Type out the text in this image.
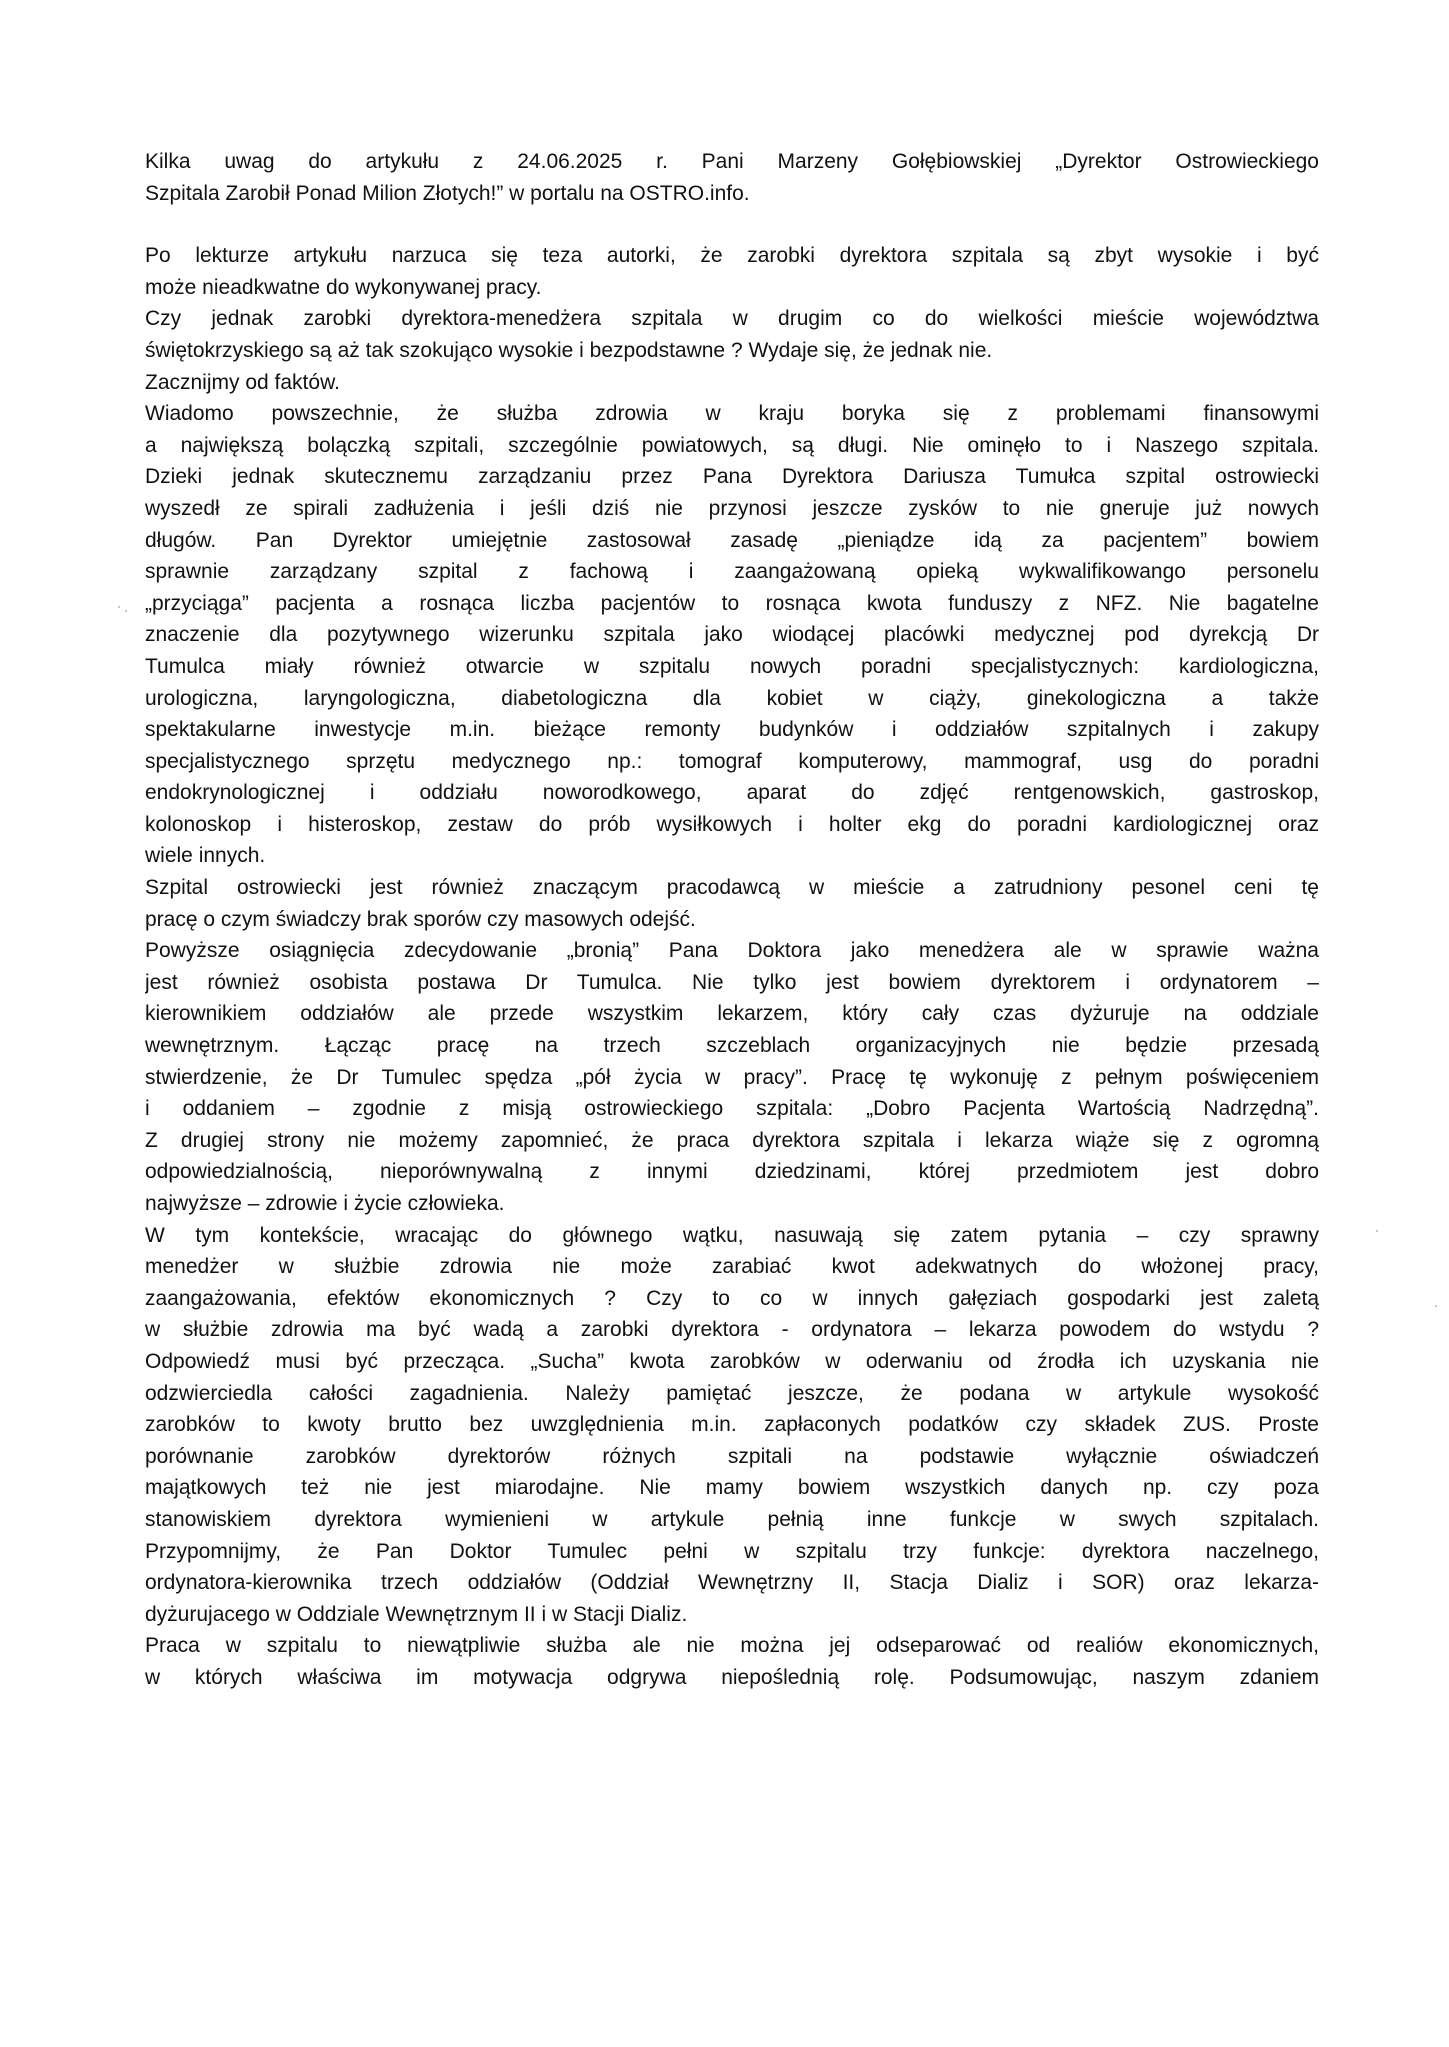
Kilka uwag do artykułu z 24.06.2025 r. Pani Marzeny Gołębiowskiej „Dyrektor Ostrowieckiego
Szpitala Zarobił Ponad Milion Złotych!” w portalu na OSTRO.info.
Po lekturze artykułu narzuca się teza autorki, że zarobki dyrektora szpitala są zbyt wysokie i być
może nieadkwatne do wykonywanej pracy.
Czy jednak zarobki dyrektora-menedżera szpitala w drugim co do wielkości mieście województwa
świętokrzyskiego są aż tak szokująco wysokie i bezpodstawne ? Wydaje się, że jednak nie.
Zacznijmy od faktów.
Wiadomo powszechnie, że służba zdrowia w kraju boryka się z problemami finansowymi
a największą bolączką szpitali, szczególnie powiatowych, są długi. Nie ominęło to i Naszego szpitala.
Dzieki jednak skutecznemu zarządzaniu przez Pana Dyrektora Dariusza Tumułca szpital ostrowiecki
wyszedł ze spirali zadłużenia i jeśli dziś nie przynosi jeszcze zysków to nie gneruje już nowych
długów. Pan Dyrektor umiejętnie zastosował zasadę „pieniądze idą za pacjentem” bowiem
sprawnie zarządzany szpital z fachową i zaangażowaną opieką wykwalifikowango personelu
„przyciąga” pacjenta a rosnąca liczba pacjentów to rosnąca kwota funduszy z NFZ. Nie bagatelne
znaczenie dla pozytywnego wizerunku szpitala jako wiodącej placówki medycznej pod dyrekcją Dr
Tumulca miały również otwarcie w szpitalu nowych poradni specjalistycznych: kardiologiczna,
urologiczna, laryngologiczna, diabetologiczna dla kobiet w ciąży, ginekologiczna a także
spektakularne inwestycje m.in. bieżące remonty budynków i oddziałów szpitalnych i zakupy
specjalistycznego sprzętu medycznego np.: tomograf komputerowy, mammograf, usg do poradni
endokrynologicznej i oddziału noworodkowego, aparat do zdjęć rentgenowskich, gastroskop,
kolonoskop i histeroskop, zestaw do prób wysiłkowych i holter ekg do poradni kardiologicznej oraz
wiele innych.
Szpital ostrowiecki jest również znaczącym pracodawcą w mieście a zatrudniony pesonel ceni tę
pracę o czym świadczy brak sporów czy masowych odejść.
Powyższe osiągnięcia zdecydowanie „bronią” Pana Doktora jako menedżera ale w sprawie ważna
jest również osobista postawa Dr Tumulca. Nie tylko jest bowiem dyrektorem i ordynatorem –
kierownikiem oddziałów ale przede wszystkim lekarzem, który cały czas dyżuruje na oddziale
wewnętrznym. Łącząc pracę na trzech szczeblach organizacyjnych nie będzie przesadą
stwierdzenie, że Dr Tumulec spędza „pół życia w pracy”. Pracę tę wykonuję z pełnym poświęceniem
i oddaniem – zgodnie z misją ostrowieckiego szpitala: „Dobro Pacjenta Wartością Nadrzędną”.
Z drugiej strony nie możemy zapomnieć, że praca dyrektora szpitala i lekarza wiąże się z ogromną
odpowiedzialnością, nieporównywalną z innymi dziedzinami, której przedmiotem jest dobro
najwyższe – zdrowie i życie człowieka.
W tym kontekście, wracając do głównego wątku, nasuwają się zatem pytania – czy sprawny
menedżer w służbie zdrowia nie może zarabiać kwot adekwatnych do włożonej pracy,
zaangażowania, efektów ekonomicznych ? Czy to co w innych gałęziach gospodarki jest zaletą
w służbie zdrowia ma być wadą a zarobki dyrektora - ordynatora – lekarza powodem do wstydu ?
Odpowiedź musi być przecząca. „Sucha” kwota zarobków w oderwaniu od źrodła ich uzyskania nie
odzwierciedla całości zagadnienia. Należy pamiętać jeszcze, że podana w artykule wysokość
zarobków to kwoty brutto bez uwzględnienia m.in. zapłaconych podatków czy składek ZUS. Proste
porównanie zarobków dyrektorów różnych szpitali na podstawie wyłącznie oświadczeń
majątkowych też nie jest miarodajne. Nie mamy bowiem wszystkich danych np. czy poza
stanowiskiem dyrektora wymienieni w artykule pełnią inne funkcje w swych szpitalach.
Przypomnijmy, że Pan Doktor Tumulec pełni w szpitalu trzy funkcje: dyrektora naczelnego,
ordynatora-kierownika trzech oddziałów (Oddział Wewnętrzny II, Stacja Dializ i SOR) oraz lekarza-
dyżurujacego w Oddziale Wewnętrznym II i w Stacji Dializ.
Praca w szpitalu to niewątpliwie służba ale nie można jej odseparować od realiów ekonomicznych,
w których właściwa im motywacja odgrywa niepoślednią rolę. Podsumowując, naszym zdaniem
